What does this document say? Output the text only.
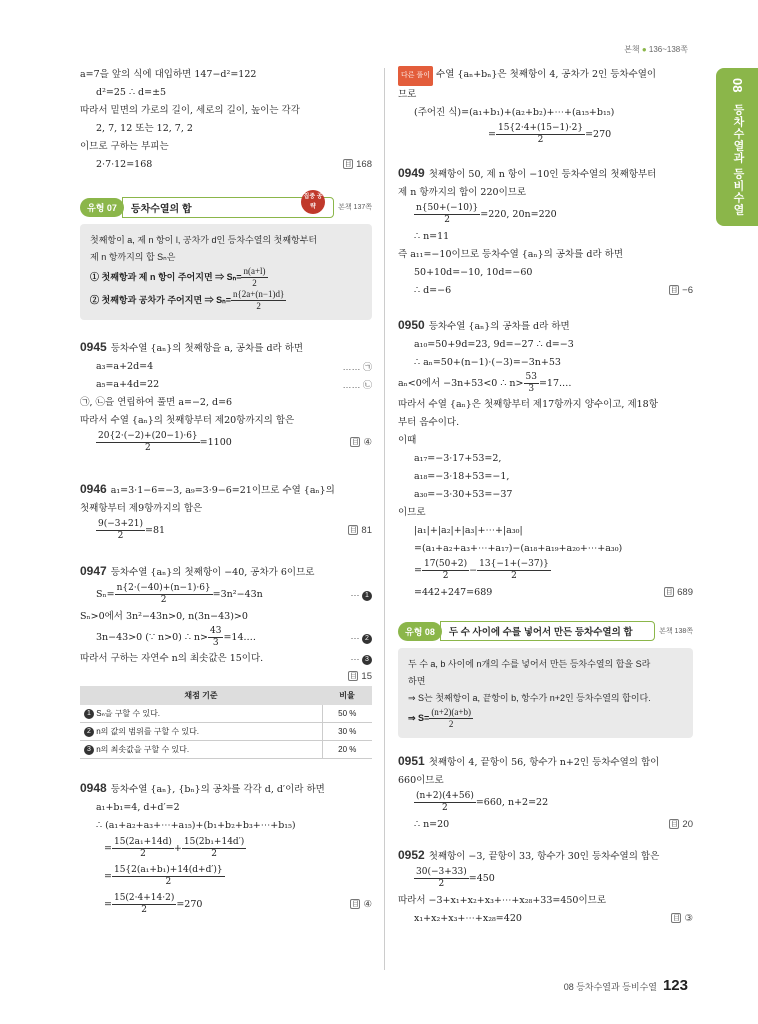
본책 ● 136~138쪽
08
등차수열과 등비수열
a=7을 앞의 식에 대입하면 147−d²=122
d²=25 ∴ d=±5
따라서 밑면의 가로의 길이, 세로의 길이, 높이는 각각
2, 7, 12 또는 12, 7, 2
이므로 구하는 부피는
2·7·12=168	目 168
유형 07	등차수열의 합
집중 공략	본책 137쪽
첫째항이 a, 제 n 항이 l, 공차가 d인 등차수열의 첫째항부터
제 n 항까지의 합 Sₙ은
① 첫째항과 제 n 항이 주어지면 ⇒ $S_n= \frac{n(a+l)}{2}$
② 첫째항과 공차가 주어지면 ⇒ $S_n= \frac{n\{2a+(n-1)d\}}{2}$
0945 등차수열 {aₙ}의 첫째항을 a, 공차를 d라 하면
a₃=a+2d=4	…… ㉠
a₅=a+4d=22	…… ㉡
㉠, ㉡을 연립하여 풀면 a=−2, d=6
따라서 수열 {aₙ}의 첫째항부터 제20항까지의 합은
$\frac{20\{2\cdot(-2)+(20-1)\cdot 6\}}{2} =1100$	目 ④
0946 a₁=3·1−6=−3, a₉=3·9−6=21이므로 수열 {aₙ}의
첫째항부터 제9항까지의 합은
$\frac{9(-3+21)}{2} =81$	目 81
0947 등차수열 {aₙ}의 첫째항이 −40, 공차가 6이므로
$S_n= \frac{n\{2\cdot(-40)+(n-1)\cdot 6\}}{2} =3n^2-43n$	⋯ 1
Sₙ>0에서 3n²−43n>0, n(3n−43)>0
3n−43>0 (∵ n>0) ∴ $n> \frac{43}{3}$ =14.…	⋯ 2
따라서 구하는 자연수 n의 최솟값은 15이다.	⋯ 3
目 15
채점 기준	비율
1 Sₙ을 구할 수 있다.	50 %
2 n의 값의 범위를 구할 수 있다.	30 %
3 n의 최솟값을 구할 수 있다.	20 %
0948 등차수열 {aₙ}, {bₙ}의 공차를 각각 d, d′이라 하면
a₁+b₁=4, d+d′=2
∴ (a₁+a₂+a₃+⋯+a₁₅)+(b₁+b₂+b₃+⋯+b₁₅)
= $\frac{\text{15(2a₁+14d)}}{2} + \frac{\text{15(2b₁+14d′)}}{2}$
= $\frac{\text{15\{2(a₁+b₁)+14(d+d′)\}}}{2}$
= $\frac{15(2\cdot 4+14\cdot 2)}{2} =270$	目 ④
다른 풀이 수열 {aₙ+bₙ}은 첫째항이 4, 공차가 2인 등차수열이
므로
(주어진 식)=(a₁+b₁)+(a₂+b₂)+⋯+(a₁₅+b₁₅)
= $\frac{15\{2\cdot 4+(15-1)\cdot 2\}}{2} =270$
0949 첫째항이 50, 제 n 항이 −10인 등차수열의 첫째항부터
제 n 항까지의 합이 220이므로
$\frac{n\{50+(-10)\}}{2} =220$, 20n=220
∴ n=11
즉 a₁₁=−10이므로 등차수열 {aₙ}의 공차를 d라 하면
50+10d=−10, 10d=−60
∴ d=−6	目 −6
0950 등차수열 {aₙ}의 공차를 d라 하면
a₁₀=50+9d=23, 9d=−27 ∴ d=−3
∴ aₙ=50+(n−1)·(−3)=−3n+53
aₙ<0에서 −3n+53<0 ∴ $n> \frac{53}{3}$ =17.…
따라서 수열 {aₙ}은 첫째항부터 제17항까지 양수이고, 제18항
부터 음수이다.
이때
a₁₇=−3·17+53=2,
a₁₈=−3·18+53=−1,
a₃₀=−3·30+53=−37
이므로
|a₁|+|a₂|+|a₃|+⋯+|a₃₀|
=(a₁+a₂+a₃+⋯+a₁₇)−(a₁₈+a₁₉+a₂₀+⋯+a₃₀)
= $\frac{17(50+2)}{2} - \frac{13\{-1+(-37)\}}{2}$
=442+247=689	目 689
유형 08	두 수 사이에 수를 넣어서 만든 등차수열의 합	본책 138쪽
두 수 a, b 사이에 n개의 수를 넣어서 만든 등차수열의 합을 S라
하면
⇒ S는 첫째항이 a, 끝항이 b, 항수가 n+2인 등차수열의 합이다.
⇒ $S= \frac{(n+2)(a+b)}{2}$
0951 첫째항이 4, 끝항이 56, 항수가 n+2인 등차수열의 합이
660이므로
$\frac{(n+2)(4+56)}{2} =660$, n+2=22
∴ n=20	目 20
0952 첫째항이 −3, 끝항이 33, 항수가 30인 등차수열의 합은
$\frac{30(-3+33)}{2} =450$
따라서 −3+x₁+x₂+x₃+⋯+x₂₈+33=450이므로
x₁+x₂+x₃+⋯+x₂₈=420	目 ③
08 등차수열과 등비수열 123
